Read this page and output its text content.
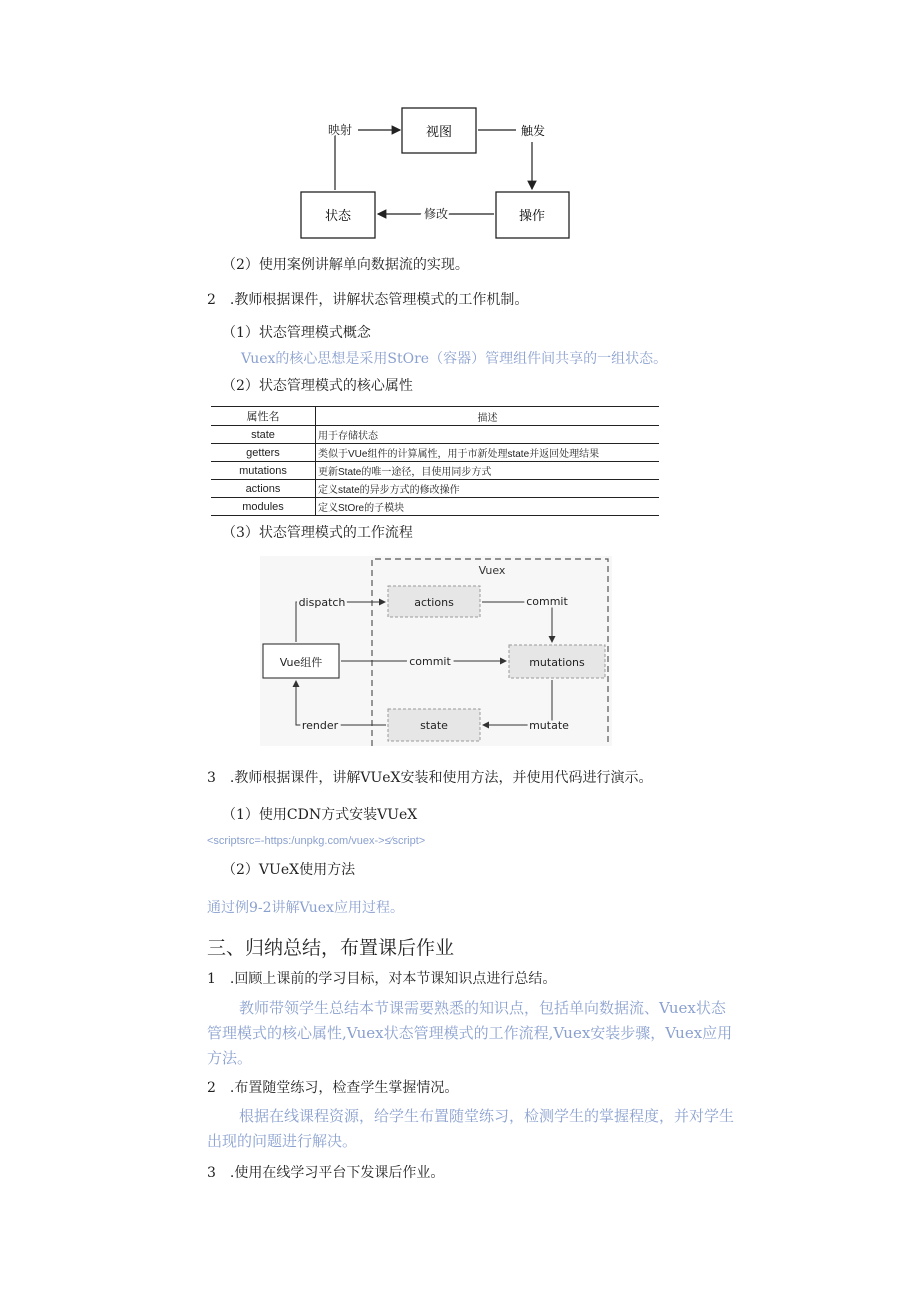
视图
状态	操作
映射	触发
修改
（2）使用案例讲解单向数据流的实现。
2　.教师根据课件，讲解状态管理模式的工作机制。
（1）状态管理模式概念
Vuex的核心思想是采用StOre（容器）管理组件间共享的一组状态。
（2）状态管理模式的核心属性
属性名	描述
state	用于存储状态
getters	类似于VUe组件的计算属性，用于市新处理state并返回处理结果
mutations	更新State的唯一途径，目使用同步方式
actions	定义state的异步方式的修改操作
modules	定义StOre的子模块
（3）状态管理模式的工作流程
Vuex
Vue组件
actions
mutations
state
dispatch	commit
commit
mutate
render
3　.教师根据课件，讲解VUeX安装和使用方法，并使用代码进行演示。
（1）使用CDN方式安装VUeX
<scriptsrc=-https:/unpkg.com/vuex->≤∕script>
（2）VUeX使用方法
通过例9-2讲解Vuex应用过程。
三、归纳总结，布置课后作业
1　.回顾上课前的学习目标，对本节课知识点进行总结。

教师带领学生总结本节课需要熟悉的知识点，包括单向数据流、Vuex状态管理模式的核心属性,Vuex状态管理模式的工作流程,Vuex安装步骤，Vuex应用方法。

2　.布置随堂练习，检查学生掌握情况。

根据在线课程资源，给学生布置随堂练习，检测学生的掌握程度，并对学生出现的问题进行解决。

3　.使用在线学习平台下发课后作业。
